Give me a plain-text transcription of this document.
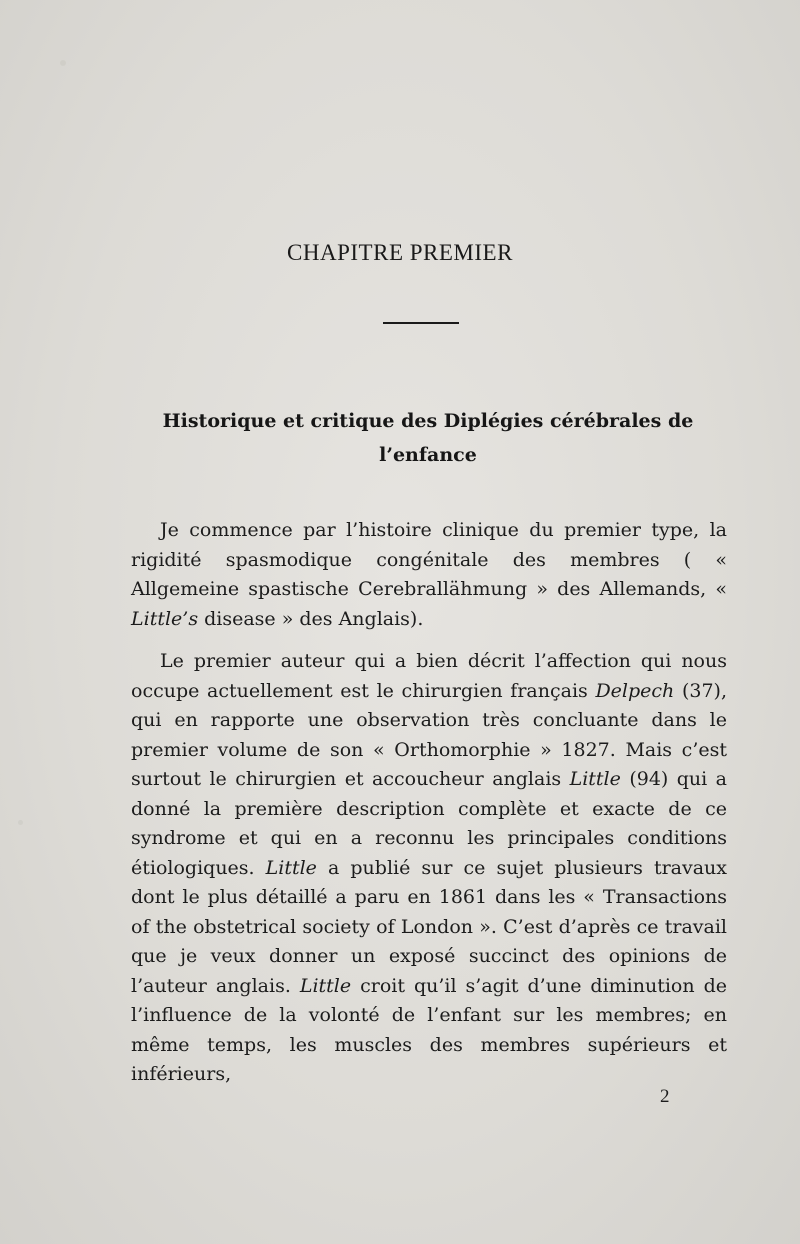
CHAPITRE PREMIER
Historique et critique des Diplégies cérébrales de l’enfance

Je commence par l’histoire clinique du premier type, la rigidité spasmodique congénitale des membres ( « Allgemeine spastische Cerebrallähmung » des Allemands, « Little’s disease » des Anglais).

Le premier auteur qui a bien décrit l’affection qui nous occupe actuellement est le chirurgien français Delpech (37), qui en rapporte une observation très concluante dans le premier volume de son « Orthomorphie » 1827. Mais c’est surtout le chirurgien et accoucheur anglais Little (94) qui a donné la première description complète et exacte de ce syndrome et qui en a reconnu les principales conditions étiologiques. Little a publié sur ce sujet plusieurs travaux dont le plus détaillé a paru en 1861 dans les « Transactions of the obstetrical society of London ». C’est d’après ce travail que je veux donner un exposé succinct des opinions de l’auteur anglais. Little croit qu’il s’agit d’une diminution de l’influence de la volonté de l’enfant sur les membres; en même temps, les muscles des membres supérieurs et inférieurs,

2
